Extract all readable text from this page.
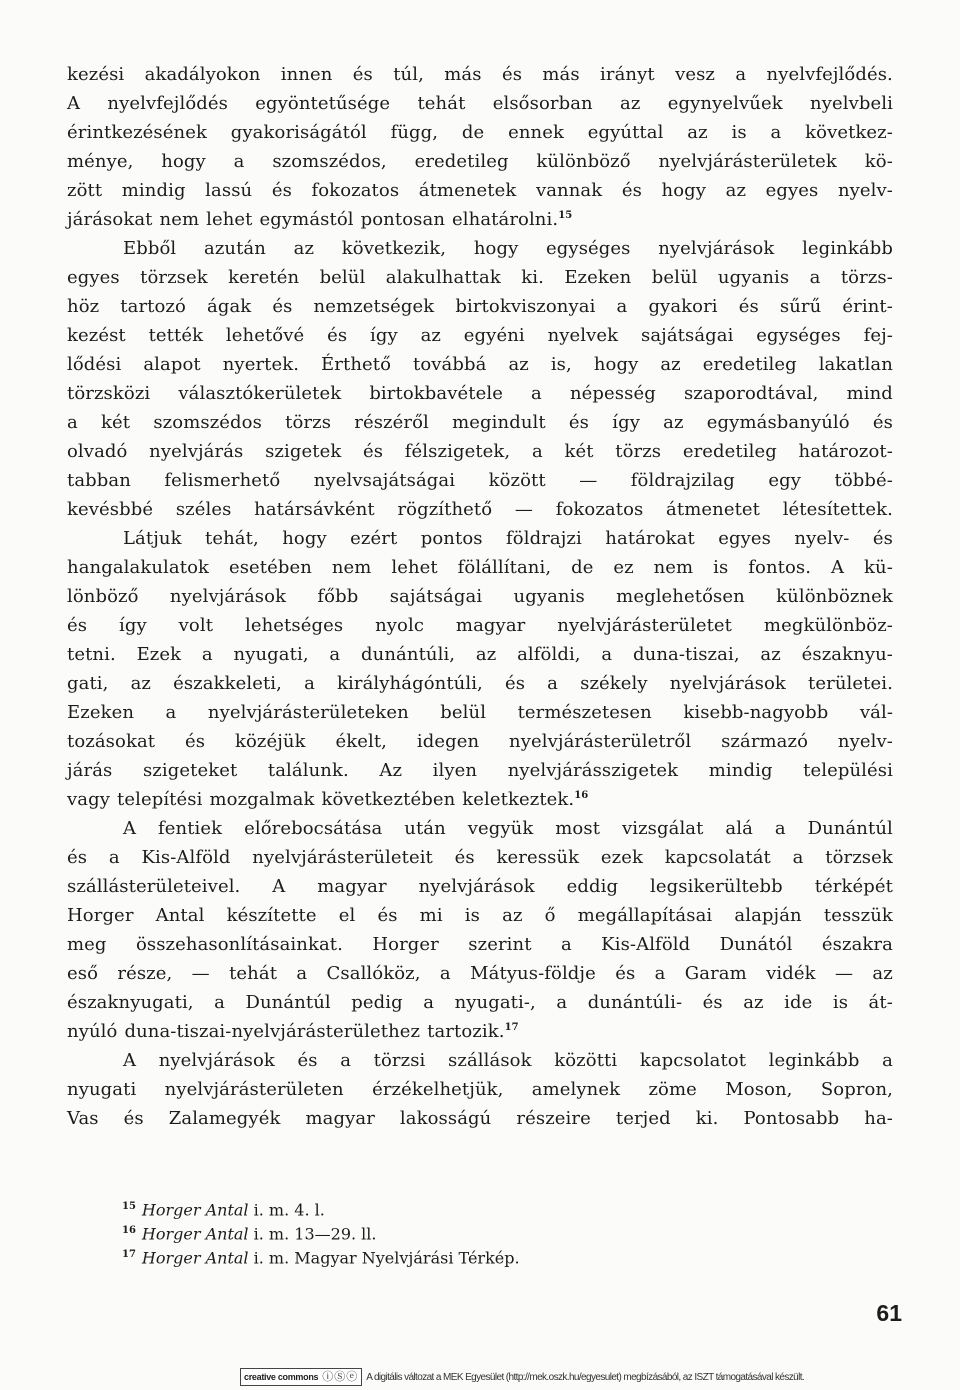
kezési akadályokon innen és túl, más és más irányt vesz a nyelvfejlődés.
A nyelvfejlődés egyöntetűsége tehát elsősorban az egynyelvűek nyelvbeli
érintkezésének gyakoriságától függ, de ennek egyúttal az is a következ-
ménye, hogy a szomszédos, eredetileg különböző nyelvjárásterületek kö-
zött mindig lassú és fokozatos átmenetek vannak és hogy az egyes nyelv-
járásokat nem lehet egymástól pontosan elhatárolni.$^{15}$
Ebből azután az következik, hogy egységes nyelvjárások leginkább
egyes törzsek keretén belül alakulhattak ki. Ezeken belül ugyanis a törzs-
höz tartozó ágak és nemzetségek birtokviszonyai a gyakori és sűrű érint-
kezést tették lehetővé és így az egyéni nyelvek sajátságai egységes fej-
lődési alapot nyertek. Érthető továbbá az is, hogy az eredetileg lakatlan
törzsközi választókerületek birtokbavétele a népesség szaporodtával, mind
a két szomszédos törzs részéről megindult és így az egymásbanyúló és
olvadó nyelvjárás szigetek és félszigetek, a két törzs eredetileg határozot-
tabban felismerhető nyelvsajátságai között — földrajzilag egy többé-
kevésbbé széles határsávként rögzíthető — fokozatos átmenetet létesítettek.
Látjuk tehát, hogy ezért pontos földrajzi határokat egyes nyelv- és
hangalakulatok esetében nem lehet fölállítani, de ez nem is fontos. A kü-
lönböző nyelvjárások főbb sajátságai ugyanis meglehetősen különböznek
és így volt lehetséges nyolc magyar nyelvjárásterületet megkülönböz-
tetni. Ezek a nyugati, a dunántúli, az alföldi, a duna-tiszai, az északnyu-
gati, az északkeleti, a királyhágóntúli, és a székely nyelvjárások területei.
Ezeken a nyelvjárásterületeken belül természetesen kisebb-nagyobb vál-
tozásokat és közéjük ékelt, idegen nyelvjárásterületről származó nyelv-
járás szigeteket találunk. Az ilyen nyelvjárásszigetek mindig települési
vagy telepítési mozgalmak következtében keletkeztek.$^{16}$
A fentiek előrebocsátása után vegyük most vizsgálat alá a Dunántúl
és a Kis-Alföld nyelvjárásterületeit és keressük ezek kapcsolatát a törzsek
szállásterületeivel. A magyar nyelvjárások eddig legsikerültebb térképét
Horger Antal készítette el és mi is az ő megállapításai alapján tesszük
meg összehasonlításainkat. Horger szerint a Kis-Alföld Dunától északra
eső része, — tehát a Csallóköz, a Mátyus-földje és a Garam vidék — az
északnyugati, a Dunántúl pedig a nyugati-, a dunántúli- és az ide is át-
nyúló duna-tiszai-nyelvjárásterülethez tartozik.$^{17}$
A nyelvjárások és a törzsi szállások közötti kapcsolatot leginkább a
nyugati nyelvjárásterületen érzékelhetjük, amelynek zöme Moson, Sopron,
Vas és Zalamegyék magyar lakosságú részeire terjed ki. Pontosabb ha-
$^{15}$ Horger Antal i. m. 4. l.
$^{16}$ Horger Antal i. m. 13—29. ll.
$^{17}$ Horger Antal i. m. Magyar Nyelvjárási Térkép.
61
creative commons ⓘⓈⓔ A digitális változat a MEK Egyesület (http://mek.oszk.hu/egyesulet) megbízásából, az ISZT támogatásával készült.
